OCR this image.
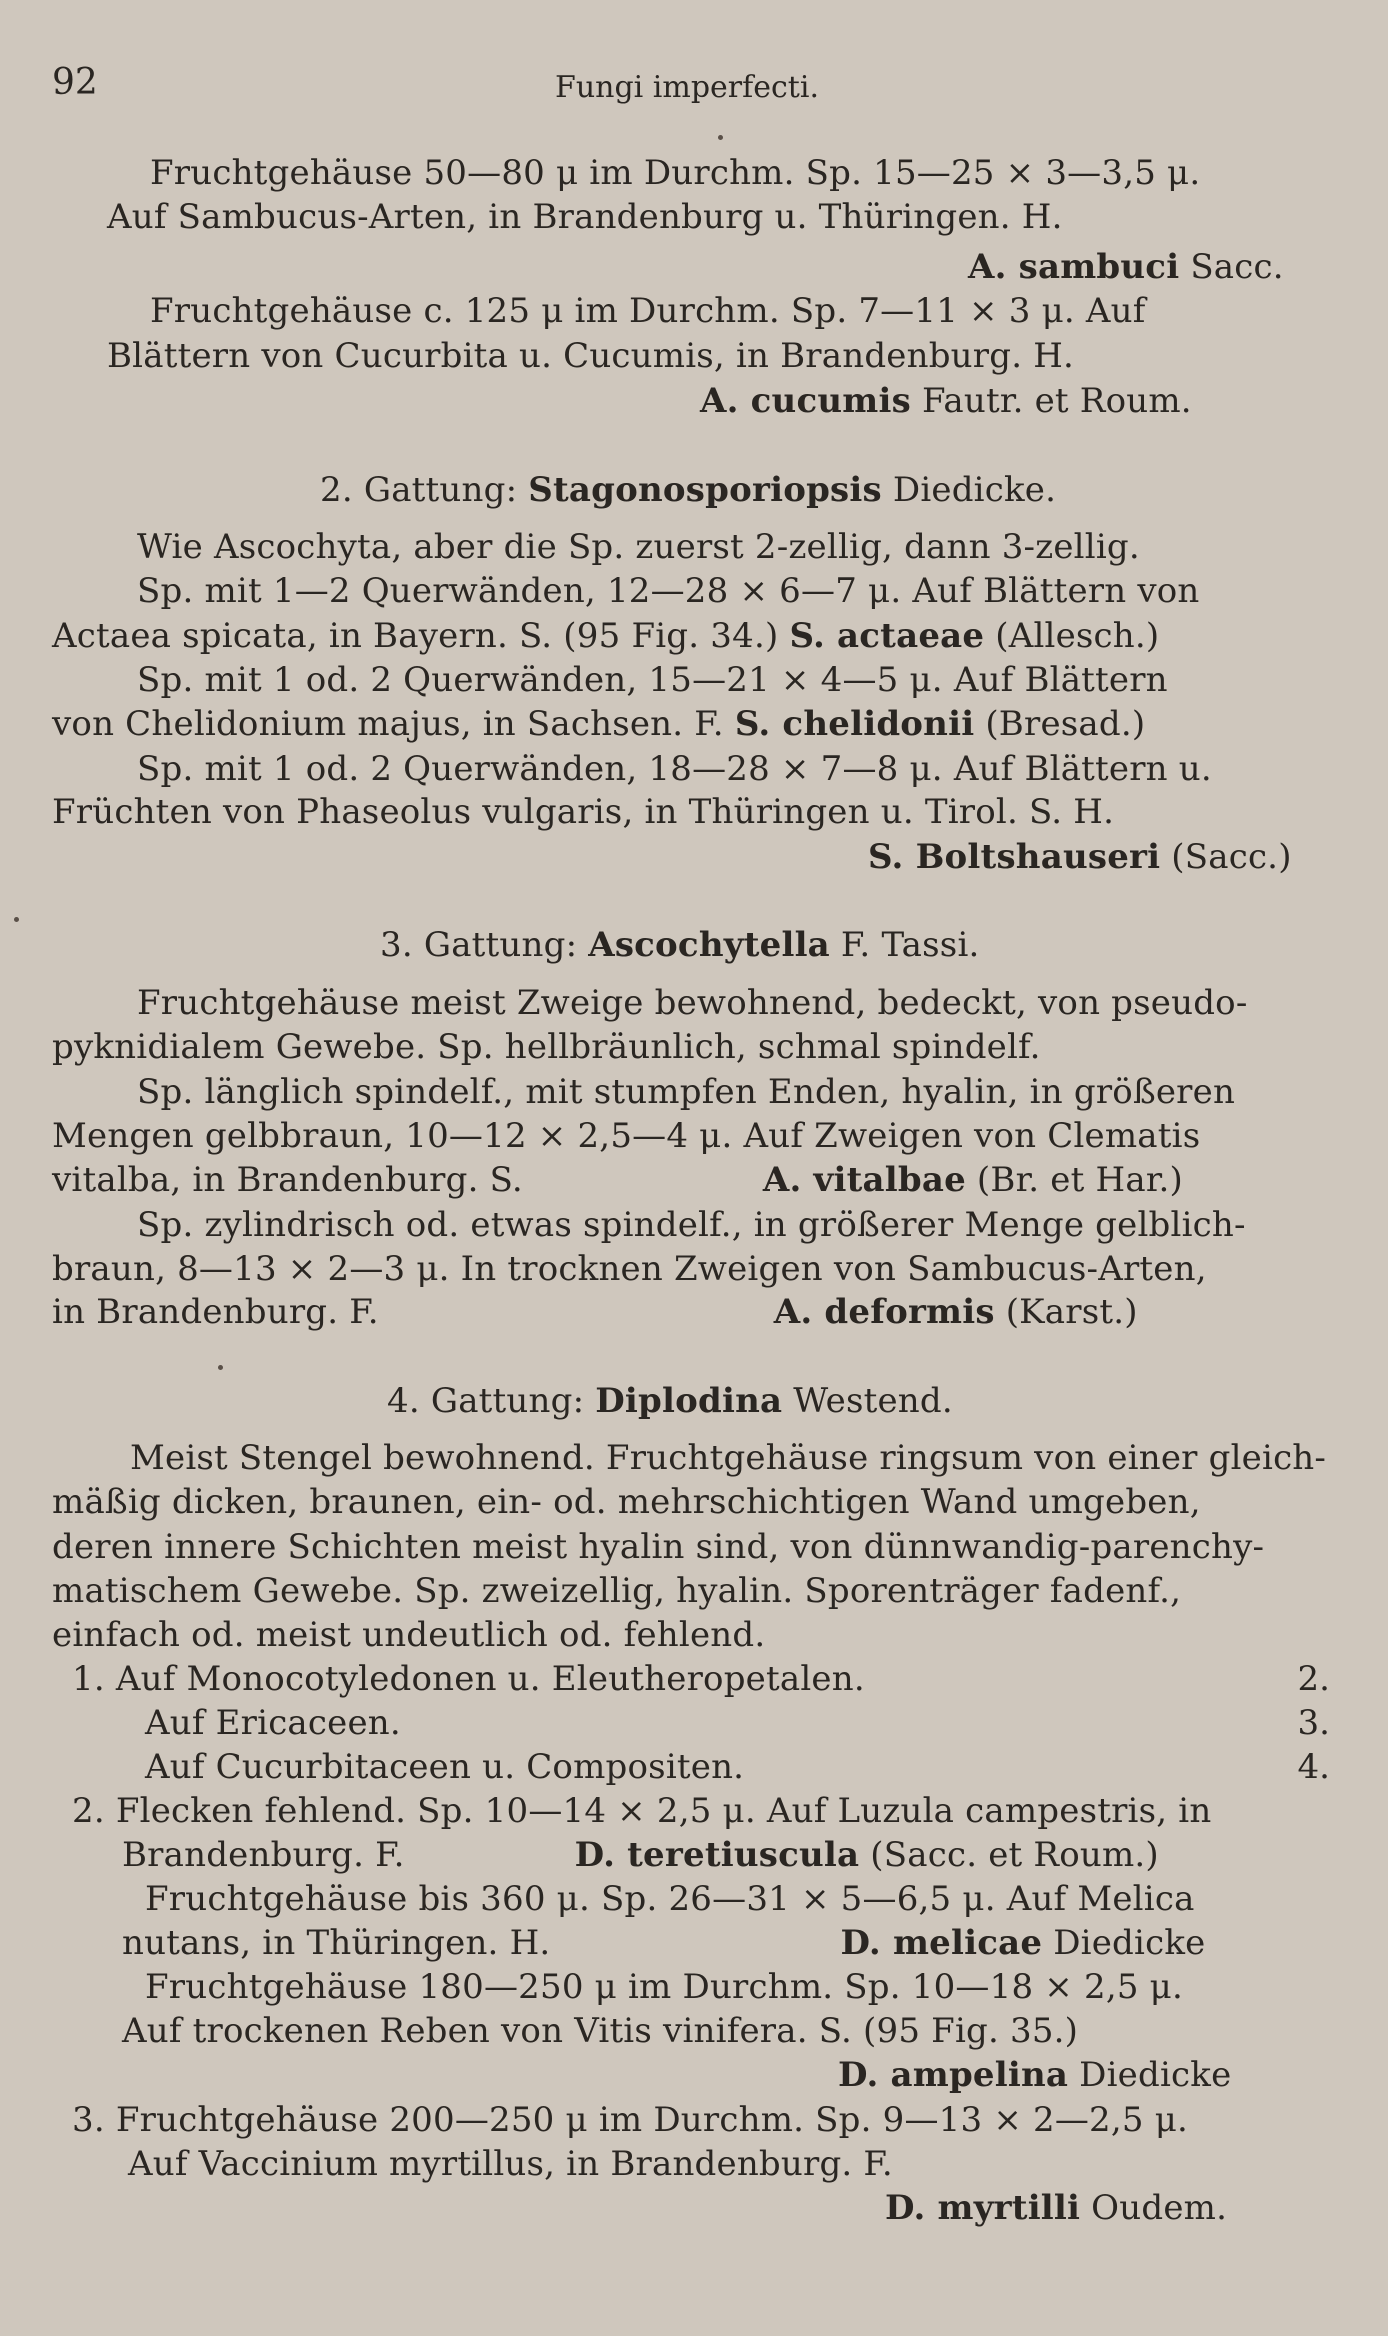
92	Fungi imperfecti.
Fruchtgehäuse 50—80 μ im Durchm. Sp. 15—25 × 3—3,5 μ.
Auf Sambucus-Arten, in Brandenburg u. Thüringen. H.
A. sambuci Sacc.
Fruchtgehäuse c. 125 μ im Durchm. Sp. 7—11 × 3 μ. Auf
Blättern von Cucurbita u. Cucumis, in Brandenburg. H.
A. cucumis Fautr. et Roum.
2. Gattung: Stagonosporiopsis Diedicke.
Wie Ascochyta, aber die Sp. zuerst 2-zellig, dann 3-zellig.
Sp. mit 1—2 Querwänden, 12—28 × 6—7 μ. Auf Blättern von
Actaea spicata, in Bayern. S. (95 Fig. 34.) S. actaeae (Allesch.)
Sp. mit 1 od. 2 Querwänden, 15—21 × 4—5 μ. Auf Blättern
von Chelidonium majus, in Sachsen. F. S. chelidonii (Bresad.)
Sp. mit 1 od. 2 Querwänden, 18—28 × 7—8 μ. Auf Blättern u.
Früchten von Phaseolus vulgaris, in Thüringen u. Tirol. S. H.
S. Boltshauseri (Sacc.)
3. Gattung: Ascochytella F. Tassi.
Fruchtgehäuse meist Zweige bewohnend, bedeckt, von pseudo-
pyknidialem Gewebe. Sp. hellbräunlich, schmal spindelf.
Sp. länglich spindelf., mit stumpfen Enden, hyalin, in größeren
Mengen gelbbraun, 10—12 × 2,5—4 μ. Auf Zweigen von Clematis
vitalba, in Brandenburg. S.	A. vitalbae (Br. et Har.)
Sp. zylindrisch od. etwas spindelf., in größerer Menge gelblich-
braun, 8—13 × 2—3 μ. In trocknen Zweigen von Sambucus-Arten,
in Brandenburg. F.	A. deformis (Karst.)
4. Gattung: Diplodina Westend.
Meist Stengel bewohnend. Fruchtgehäuse ringsum von einer gleich-
mäßig dicken, braunen, ein- od. mehrschichtigen Wand umgeben,
deren innere Schichten meist hyalin sind, von dünnwandig-parenchy-
matischem Gewebe. Sp. zweizellig, hyalin. Sporenträger fadenf.,
einfach od. meist undeutlich od. fehlend.
1. Auf Monocotyledonen u. Eleutheropetalen.	2.
Auf Ericaceen.	3.
Auf Cucurbitaceen u. Compositen.	4.
2. Flecken fehlend. Sp. 10—14 × 2,5 μ. Auf Luzula campestris, in
Brandenburg. F.	D. teretiuscula (Sacc. et Roum.)
Fruchtgehäuse bis 360 μ. Sp. 26—31 × 5—6,5 μ. Auf Melica
nutans, in Thüringen. H.	D. melicae Diedicke
Fruchtgehäuse 180—250 μ im Durchm. Sp. 10—18 × 2,5 μ.
Auf trockenen Reben von Vitis vinifera. S. (95 Fig. 35.)
D. ampelina Diedicke
3. Fruchtgehäuse 200—250 μ im Durchm. Sp. 9—13 × 2—2,5 μ.
Auf Vaccinium myrtillus, in Brandenburg. F.
D. myrtilli Oudem.
